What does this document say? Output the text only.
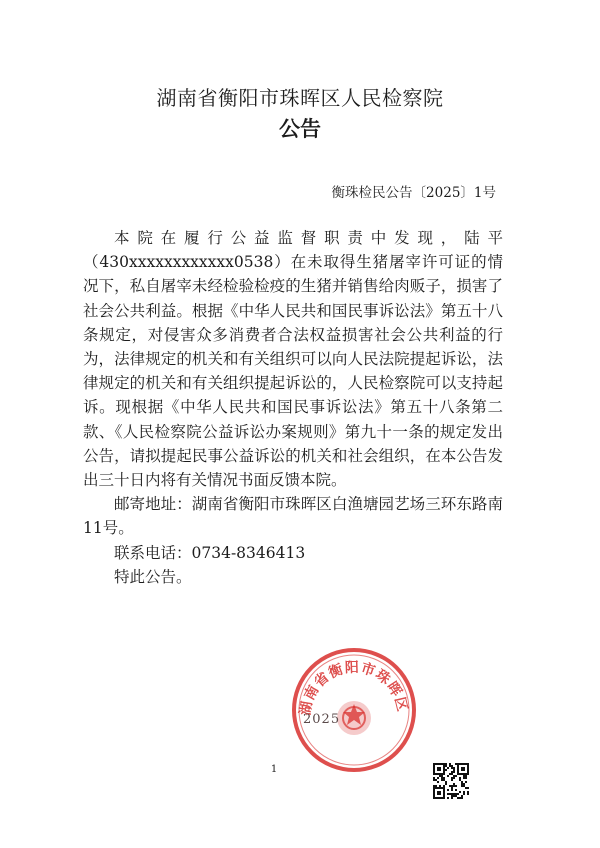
湖南省衡阳市珠晖区人民检察院
公告
衡珠检民公告〔2025〕1号

本院在履行公益监督职责中发现，陆平（430xxxxxxxxxxxx0538）在未取得生猪屠宰许可证的情况下，私自屠宰未经检验检疫的生猪并销售给肉贩子，损害了社会公共利益。根据《中华人民共和国民事诉讼法》第五十八条规定，对侵害众多消费者合法权益损害社会公共利益的行为，法律规定的机关和有关组织可以向人民法院提起诉讼，法律规定的机关和有关组织提起诉讼的，人民检察院可以支持起诉。现根据《中华人民共和国民事诉讼法》第五十八条第二款、《人民检察院公益诉讼办案规则》第九十一条的规定发出公告，请拟提起民事公益诉讼的机关和社会组织，在本公告发出三十日内将有关情况书面反馈本院。

邮寄地址：湖南省衡阳市珠晖区白渔塘园艺场三环东路南11号。

联系电话：0734-8346413

特此公告。

湖南省衡阳市珠晖区
2025
1
